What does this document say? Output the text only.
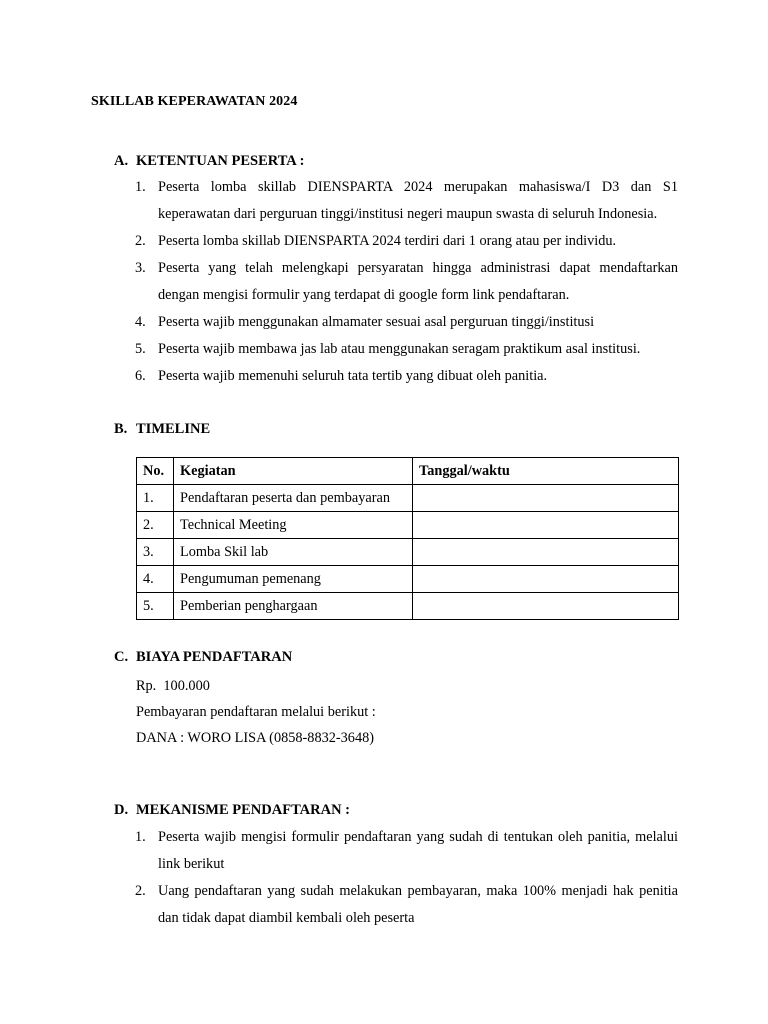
SKILLAB KEPERAWATAN 2024
A. KETENTUAN PESERTA :
1. Peserta lomba skillab DIENSPARTA 2024 merupakan mahasiswa/I D3 dan S1 keperawatan dari perguruan tinggi/institusi negeri maupun swasta di seluruh Indonesia.
2. Peserta lomba skillab DIENSPARTA 2024 terdiri dari 1 orang atau per individu.
3. Peserta yang telah melengkapi persyaratan hingga administrasi dapat mendaftarkan dengan mengisi formulir yang terdapat di google form link pendaftaran.
4. Peserta wajib menggunakan almamater sesuai asal perguruan tinggi/institusi
5. Peserta wajib membawa jas lab atau menggunakan seragam praktikum asal institusi.
6. Peserta wajib memenuhi seluruh tata tertib yang dibuat oleh panitia.
B. TIMELINE
No.	Kegiatan	Tanggal/waktu
1.	Pendaftaran peserta dan pembayaran	
2.	Technical Meeting	
3.	Lomba Skil lab	
4.	Pengumuman pemenang	
5.	Pemberian penghargaan	
C. BIAYA PENDAFTARAN
Rp.  100.000
Pembayaran pendaftaran melalui berikut :
DANA : WORO LISA (0858-8832-3648)
D. MEKANISME PENDAFTARAN :
1. Peserta wajib mengisi formulir pendaftaran yang sudah di tentukan oleh panitia, melalui link berikut
2. Uang pendaftaran yang sudah melakukan pembayaran, maka 100% menjadi hak penitia dan tidak dapat diambil kembali oleh peserta
